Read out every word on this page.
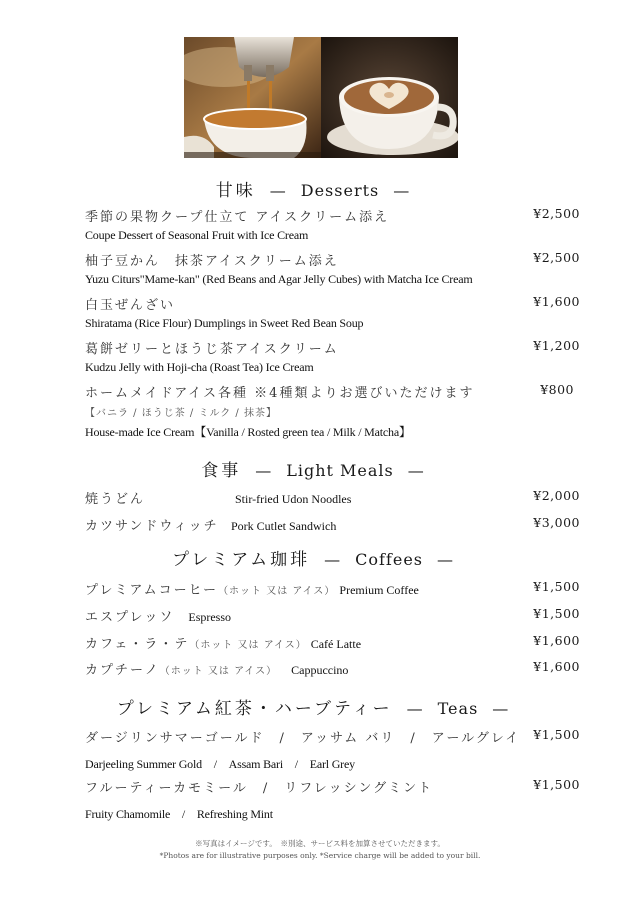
甘味 — Desserts —
季節の果物クープ仕立て アイスクリーム添え
Coupe Dessert of Seasonal Fruit with Ice Cream
¥2,500
柚子豆かん　抹茶アイスクリーム添え
Yuzu Citurs"Mame-kan" (Red Beans and Agar Jelly Cubes) with Matcha Ice Cream
¥2,500
白玉ぜんざい
Shiratama (Rice Flour) Dumplings in Sweet Red Bean Soup
¥1,600
葛餅ゼリーとほうじ茶アイスクリーム
Kudzu Jelly with Hoji-cha (Roast Tea) Ice Cream
¥1,200
ホームメイドアイス各種 ※4種類よりお選びいただけます
【バニラ / ほうじ茶 / ミルク / 抹茶】
House-made Ice Cream【Vanilla / Rosted green tea / Milk / Matcha】
¥800
食事 — Light Meals —
焼うどん	Stir-fried Udon Noodles	¥2,000
カツサンドウィッチ Pork Cutlet Sandwich	¥3,000
プレミアム珈琲 — Coffees —
プレミアムコーヒー（ホット 又は アイス） Premium Coffee	¥1,500
エスプレッソ Espresso	¥1,500
カフェ・ラ・テ（ホット 又は アイス） Café Latte	¥1,600
カプチーノ（ホット 又は アイス） Cappuccino	¥1,600
プレミアム紅茶・ハーブティー — Teas —
ダージリンサマーゴールド　/　アッサム バリ　/　アールグレイ
Darjeeling Summer Gold　/　Assam Bari　/　Earl Grey
¥1,500
フルーティーカモミール　/　リフレッシングミント
Fruity Chamomile　/　Refreshing Mint
¥1,500
※写真はイメージです。　※別途、サービス料を加算させていただきます。
*Photos are for illustrative purposes only. *Service charge will be added to your bill.
